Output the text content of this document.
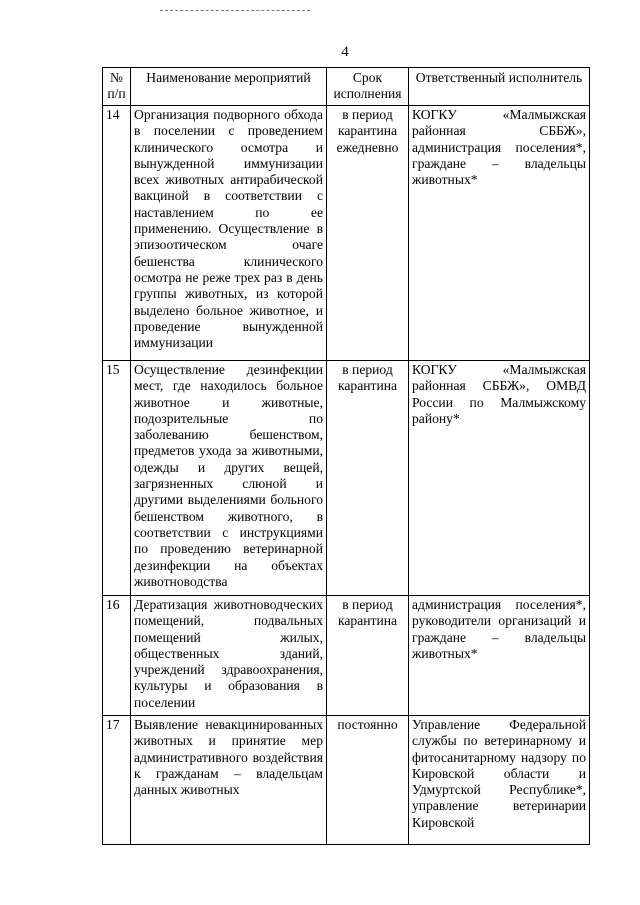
4
№ п/п	Наименование мероприятий	Срок исполнения	Ответственный исполнитель
14	Организация подворного обхода в поселении с проведением клинического осмотра и вынужденной иммунизации всех животных антирабической вакциной в соответствии с наставлением по ее применению. Осуществление в эпизоотическом очаге бешенства клинического осмотра не реже трех раз в день группы животных, из которой выделено больное животное, и проведение вынужденной иммунизации	в период карантина ежедневно	КОГКУ «Малмыжская районная СББЖ», администрация поселения*, граждане – владельцы животных*
15	Осуществление дезинфекции мест, где находилось больное животное и животные, подозрительные по заболеванию бешенством, предметов ухода за животными, одежды и других вещей, загрязненных слюной и другими выделениями больного бешенством животного, в соответствии с инструкциями по проведению ветеринарной дезинфекции на объектах животноводства	в период карантина	КОГКУ «Малмыжская районная СББЖ», ОМВД России по Малмыжскому району*
16	Дератизация животноводческих помещений, подвальных помещений жилых, общественных зданий, учреждений здравоохранения, культуры и образования в поселении	в период карантина	администрация поселения*, руководители организаций и граждане – владельцы животных*
17	Выявление невакцинированных животных и принятие мер административного воздействия к гражданам – владельцам данных животных	постоянно	Управление Федеральной службы по ветеринарному и фитосанитарному надзору по Кировской области и Удмуртской Республике*, управление ветеринарии Кировской
